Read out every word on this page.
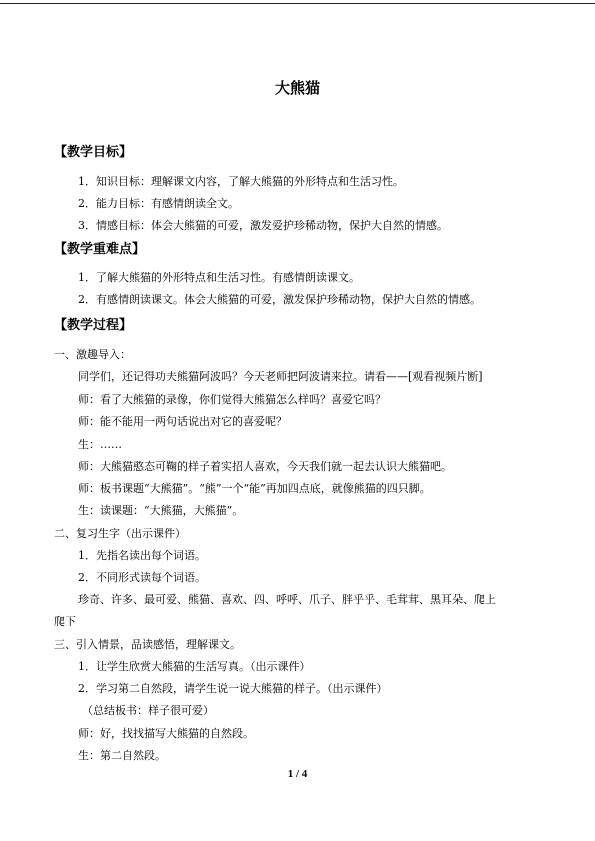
大熊猫
【教学目标】
1．知识目标：理解课文内容，了解大熊猫的外形特点和生活习性。
2．能力目标：有感情朗读全文。
3．情感目标：体会大熊猫的可爱，激发爱护珍稀动物，保护大自然的情感。
【教学重难点】
1．了解大熊猫的外形特点和生活习性。有感情朗读课文。
2．有感情朗读课文。体会大熊猫的可爱，激发保护珍稀动物，保护大自然的情感。
【教学过程】
一、激趣导入：
同学们，还记得功夫熊猫阿波吗？今天老师把阿波请来拉。请看——[观看视频片断]
师：看了大熊猫的录像，你们觉得大熊猫怎么样吗？喜爱它吗？
师：能不能用一两句话说出对它的喜爱呢？
生：……
师：大熊猫憨态可鞠的样子着实招人喜欢，今天我们就一起去认识大熊猫吧。
师：板书课题“大熊猫”。“熊”一个“能”再加四点底，就像熊猫的四只脚。
生：读课题：“大熊猫，大熊猫”。
二、复习生字（出示课件）
1．先指名读出每个词语。
2．不同形式读每个词语。
珍奇、许多、最可爱、熊猫、喜欢、四、呼呼、爪子、胖乎乎、毛茸茸、黑耳朵、爬上
爬下
三、引入情景，品读感悟，理解课文。
1．让学生欣赏大熊猫的生活写真。（出示课件）
2．学习第二自然段，请学生说一说大熊猫的样子。（出示课件）
（总结板书：样子很可爱）
师：好，找找描写大熊猫的自然段。
生：第二自然段。
1 / 4
